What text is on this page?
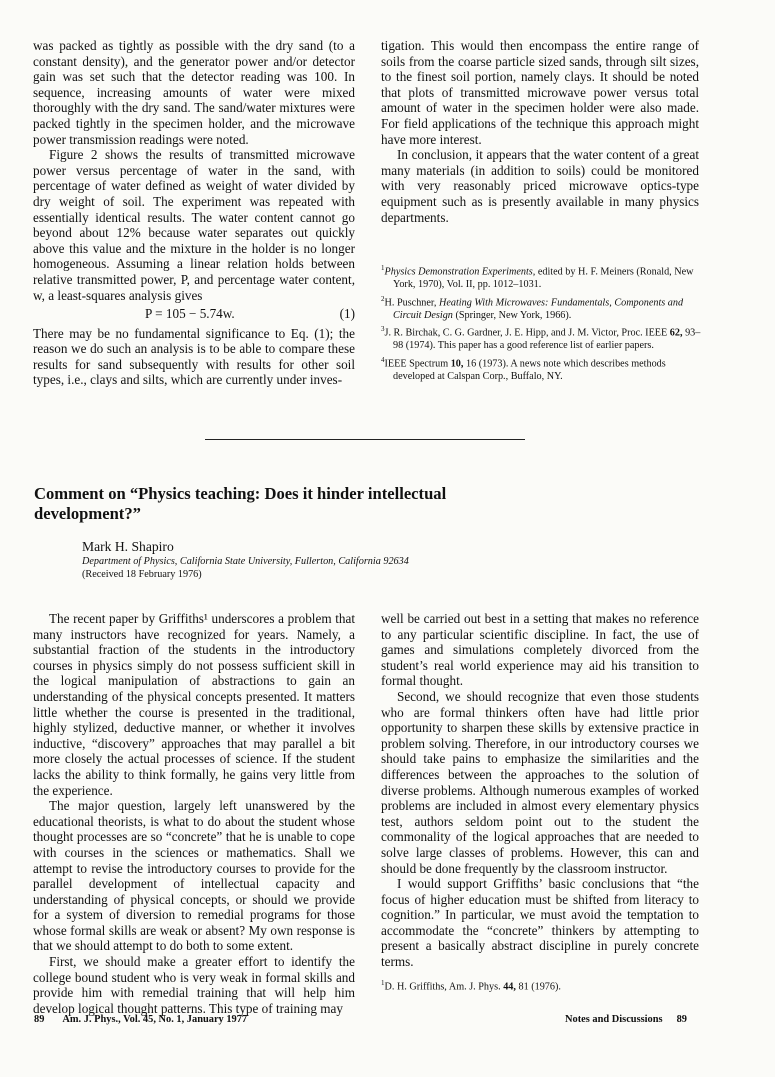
was packed as tightly as possible with the dry sand (to a constant density), and the generator power and/or detector gain was set such that the detector reading was 100. In sequence, increasing amounts of water were mixed thoroughly with the dry sand. The sand/water mixtures were packed tightly in the specimen holder, and the microwave power transmission readings were noted.

Figure 2 shows the results of transmitted microwave power versus percentage of water in the sand, with percentage of water defined as weight of water divided by dry weight of soil. The experiment was repeated with essentially identical results. The water content cannot go beyond about 12% because water separates out quickly above this value and the mixture in the holder is no longer homogeneous. Assuming a linear relation holds between relative transmitted power, P, and percentage water content, w, a least-squares analysis gives

P = 105 − 5.74w.	(1)

There may be no fundamental significance to Eq. (1); the reason we do such an analysis is to be able to compare these results for sand subsequently with results for other soil types, i.e., clays and silts, which are currently under inves-

tigation. This would then encompass the entire range of soils from the coarse particle sized sands, through silt sizes, to the finest soil portion, namely clays. It should be noted that plots of transmitted microwave power versus total amount of water in the specimen holder were also made. For field applications of the technique this approach might have more interest.

In conclusion, it appears that the water content of a great many materials (in addition to soils) could be monitored with very reasonably priced microwave optics-type equipment such as is presently available in many physics departments.

$^1$Physics Demonstration Experiments, edited by H. F. Meiners (Ronald, New York, 1970), Vol. II, pp. 1012–1031.

$^2$H. Puschner, Heating With Microwaves: Fundamentals, Components and Circuit Design (Springer, New York, 1966).

$^3$J. R. Birchak, C. G. Gardner, J. E. Hipp, and J. M. Victor, Proc. IEEE 62, 93–98 (1974). This paper has a good reference list of earlier papers.

$^4$IEEE Spectrum 10, 16 (1973). A news note which describes methods developed at Calspan Corp., Buffalo, NY.

Comment on “Physics teaching: Does it hinder intellectual development?”
Mark H. Shapiro
Department of Physics, California State University, Fullerton, California 92634
(Received 18 February 1976)

The recent paper by Griffiths¹ underscores a problem that many instructors have recognized for years. Namely, a substantial fraction of the students in the introductory courses in physics simply do not possess sufficient skill in the logical manipulation of abstractions to gain an understanding of the physical concepts presented. It matters little whether the course is presented in the traditional, highly stylized, deductive manner, or whether it involves inductive, “discovery” approaches that may parallel a bit more closely the actual processes of science. If the student lacks the ability to think formally, he gains very little from the experience.

The major question, largely left unanswered by the educational theorists, is what to do about the student whose thought processes are so “concrete” that he is unable to cope with courses in the sciences or mathematics. Shall we attempt to revise the introductory courses to provide for the parallel development of intellectual capacity and understanding of physical concepts, or should we provide for a system of diversion to remedial programs for those whose formal skills are weak or absent? My own response is that we should attempt to do both to some extent.

First, we should make a greater effort to identify the college bound student who is very weak in formal skills and provide him with remedial training that will help him develop logical thought patterns. This type of training may

well be carried out best in a setting that makes no reference to any particular scientific discipline. In fact, the use of games and simulations completely divorced from the student’s real world experience may aid his transition to formal thought.

Second, we should recognize that even those students who are formal thinkers often have had little prior opportunity to sharpen these skills by extensive practice in problem solving. Therefore, in our introductory courses we should take pains to emphasize the similarities and the differences between the approaches to the solution of diverse problems. Although numerous examples of worked problems are included in almost every elementary physics test, authors seldom point out to the student the commonality of the logical approaches that are needed to solve large classes of problems. However, this can and should be done frequently by the classroom instructor.

I would support Griffiths’ basic conclusions that “the focus of higher education must be shifted from literacy to cognition.” In particular, we must avoid the temptation to accommodate the “concrete” thinkers by attempting to present a basically abstract discipline in purely concrete terms.

$^1$D. H. Griffiths, Am. J. Phys. 44, 81 (1976).
89 Am. J. Phys., Vol. 45, No. 1, January 1977	Notes and Discussions 89
